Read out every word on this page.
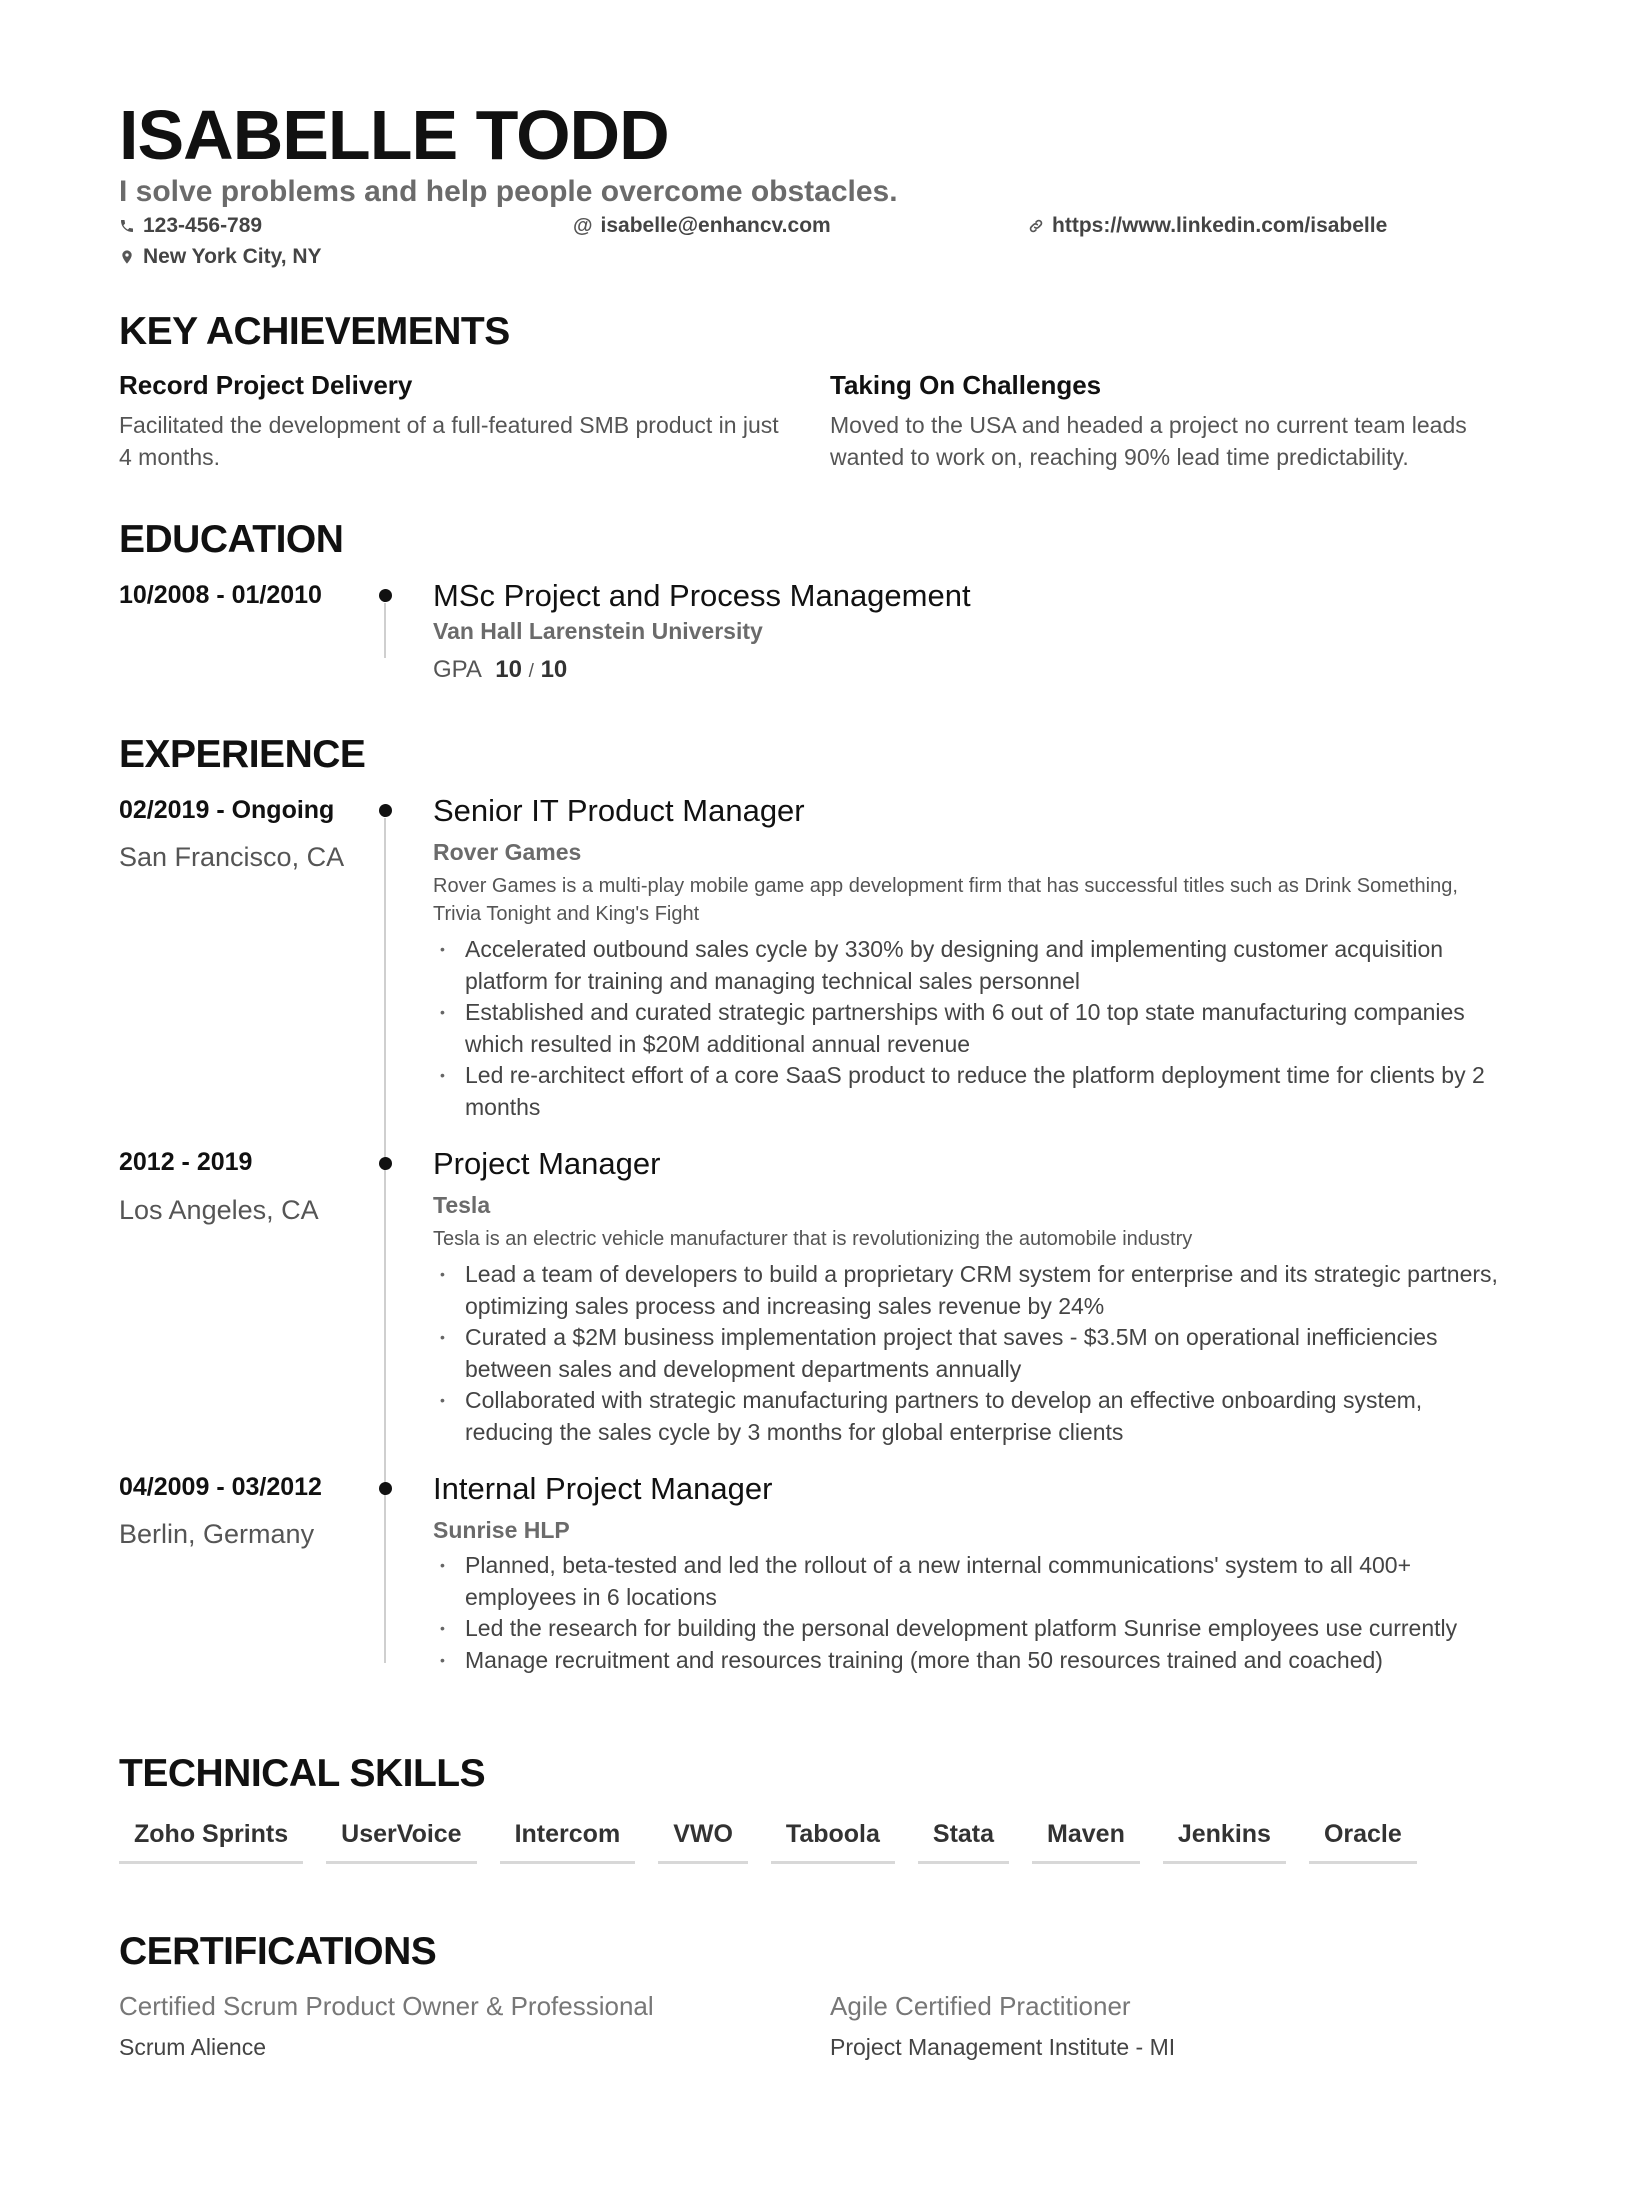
ISABELLE TODD
I solve problems and help people overcome obstacles.
123-456-789	@ isabelle@enhancv.com	https://www.linkedin.com/isabelle
New York City, NY
KEY ACHIEVEMENTS
Record Project Delivery
Facilitated the development of a full-featured SMB product in just 4 months.
Taking On Challenges
Moved to the USA and headed a project no current team leads wanted to work on, reaching 90% lead time predictability.
EDUCATION
10/2008 - 01/2010	MSc Project and Process Management
Van Hall Larenstein University
GPA 10 / 10
EXPERIENCE
02/2019 - Ongoing
San Francisco, CA
Senior IT Product Manager
Rover Games
Rover Games is a multi-play mobile game app development firm that has successful titles such as Drink Something, Trivia Tonight and King's Fight
• Accelerated outbound sales cycle by 330% by designing and implementing customer acquisition platform for training and managing technical sales personnel
• Established and curated strategic partnerships with 6 out of 10 top state manufacturing companies which resulted in $20M additional annual revenue
• Led re-architect effort of a core SaaS product to reduce the platform deployment time for clients by 2 months
2012 - 2019
Los Angeles, CA
Project Manager
Tesla
Tesla is an electric vehicle manufacturer that is revolutionizing the automobile industry
• Lead a team of developers to build a proprietary CRM system for enterprise and its strategic partners, optimizing sales process and increasing sales revenue by 24%
• Curated a $2M business implementation project that saves - $3.5M on operational inefficiencies between sales and development departments annually
• Collaborated with strategic manufacturing partners to develop an effective onboarding system, reducing the sales cycle by 3 months for global enterprise clients
04/2009 - 03/2012
Berlin, Germany
Internal Project Manager
Sunrise HLP
• Planned, beta-tested and led the rollout of a new internal communications' system to all 400+ employees in 6 locations
• Led the research for building the personal development platform Sunrise employees use currently
• Manage recruitment and resources training (more than 50 resources trained and coached)
TECHNICAL SKILLS
Zoho Sprints	UserVoice	Intercom	VWO	Taboola	Stata	Maven	Jenkins	Oracle
CERTIFICATIONS
Certified Scrum Product Owner & Professional
Scrum Alience
Agile Certified Practitioner
Project Management Institute - MI
